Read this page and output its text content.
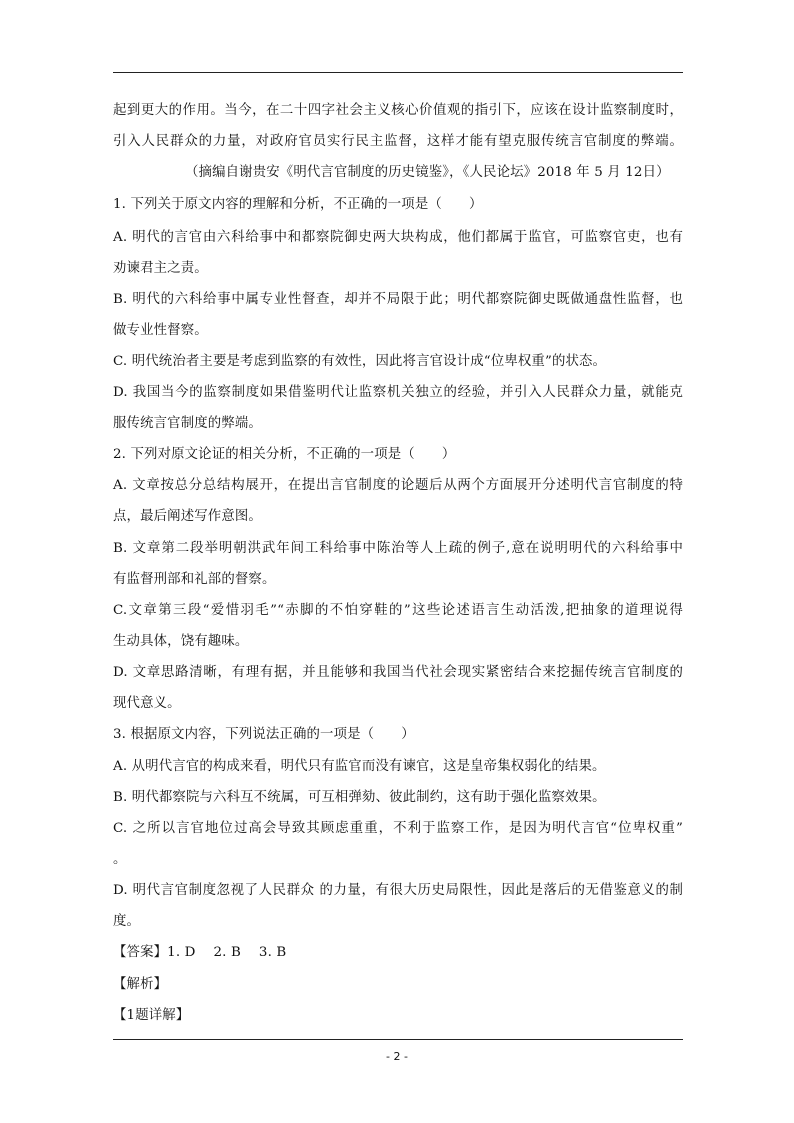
起到更大的作用。当今，在二十四字社会主义核心价值观的指引下，应该在设计监察制度时，
引入人民群众的力量，对政府官员实行民主监督，这样才能有望克服传统言官制度的弊端。
（摘编自谢贵安《明代言官制度的历史镜鉴》，《人民论坛》2018 年 5 月 12日）
1. 下列关于原文内容的理解和分析，不正确的一项是（　　）
A. 明代的言官由六科给事中和都察院御史两大块构成，他们都属于监官，可监察官吏，也有
劝谏君主之责。
B. 明代的六科给事中属专业性督查，却并不局限于此；明代都察院御史既做通盘性监督，也
做专业性督察。
C. 明代统治者主要是考虑到监察的有效性，因此将言官设计成“位卑权重”的状态。
D. 我国当今的监察制度如果借鉴明代让监察机关独立的经验，并引入人民群众力量，就能克
服传统言官制度的弊端。
2. 下列对原文论证的相关分析，不正确的一项是（　　）
A. 文章按总分总结构展开，在提出言官制度的论题后从两个方面展开分述明代言官制度的特
点，最后阐述写作意图。
B. 文章第二段举明朝洪武年间工科给事中陈治等人上疏的例子,意在说明明代的六科给事中
有监督刑部和礼部的督察。
C.文章第三段“爱惜羽毛”“赤脚的不怕穿鞋的”这些论述语言生动活泼,把抽象的道理说得
生动具体，饶有趣味。
D. 文章思路清晰，有理有据，并且能够和我国当代社会现实紧密结合来挖掘传统言官制度的
现代意义。
3. 根据原文内容，下列说法正确的一项是（　　）
A. 从明代言官的构成来看，明代只有监官而没有谏官，这是皇帝集权弱化的结果。
B. 明代都察院与六科互不统属，可互相弹劾、彼此制约，这有助于强化监察效果。
C. 之所以言官地位过高会导致其顾虑重重，不利于监察工作，是因为明代言官“位卑权重”
。
D. 明代言官制度忽视了人民群众 的力量，有很大历史局限性，因此是落后的无借鉴意义的制
度。
【答案】1. D　 2. B　 3. B
【解析】
【1题详解】
- 2 -
